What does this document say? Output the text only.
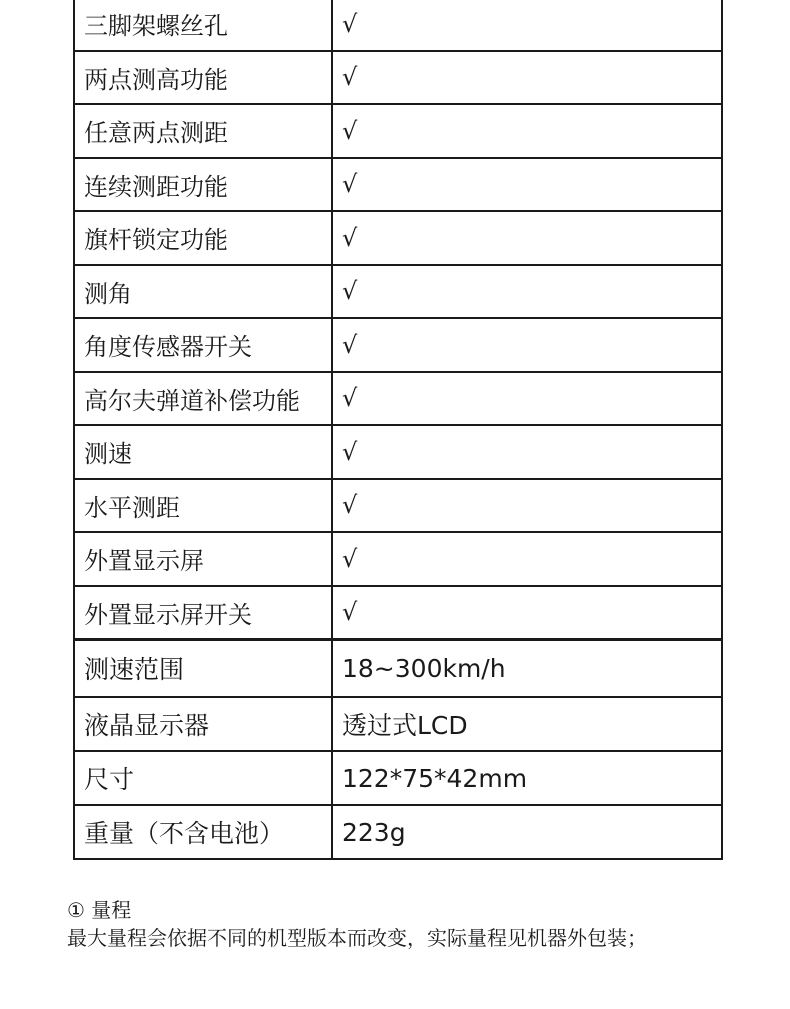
三脚架螺丝孔	√
两点测高功能	√
任意两点测距	√
连续测距功能	√
旗杆锁定功能	√
测角	√
角度传感器开关	√
高尔夫弹道补偿功能	√
测速	√
水平测距	√
外置显示屏	√
外置显示屏开关	√
测速范围	18~300km/h
液晶显示器	透过式LCD
尺寸	122*75*42mm
重量（不含电池）	223g
① 量程
最大量程会依据不同的机型版本而改变，实际量程见机器外包装；
